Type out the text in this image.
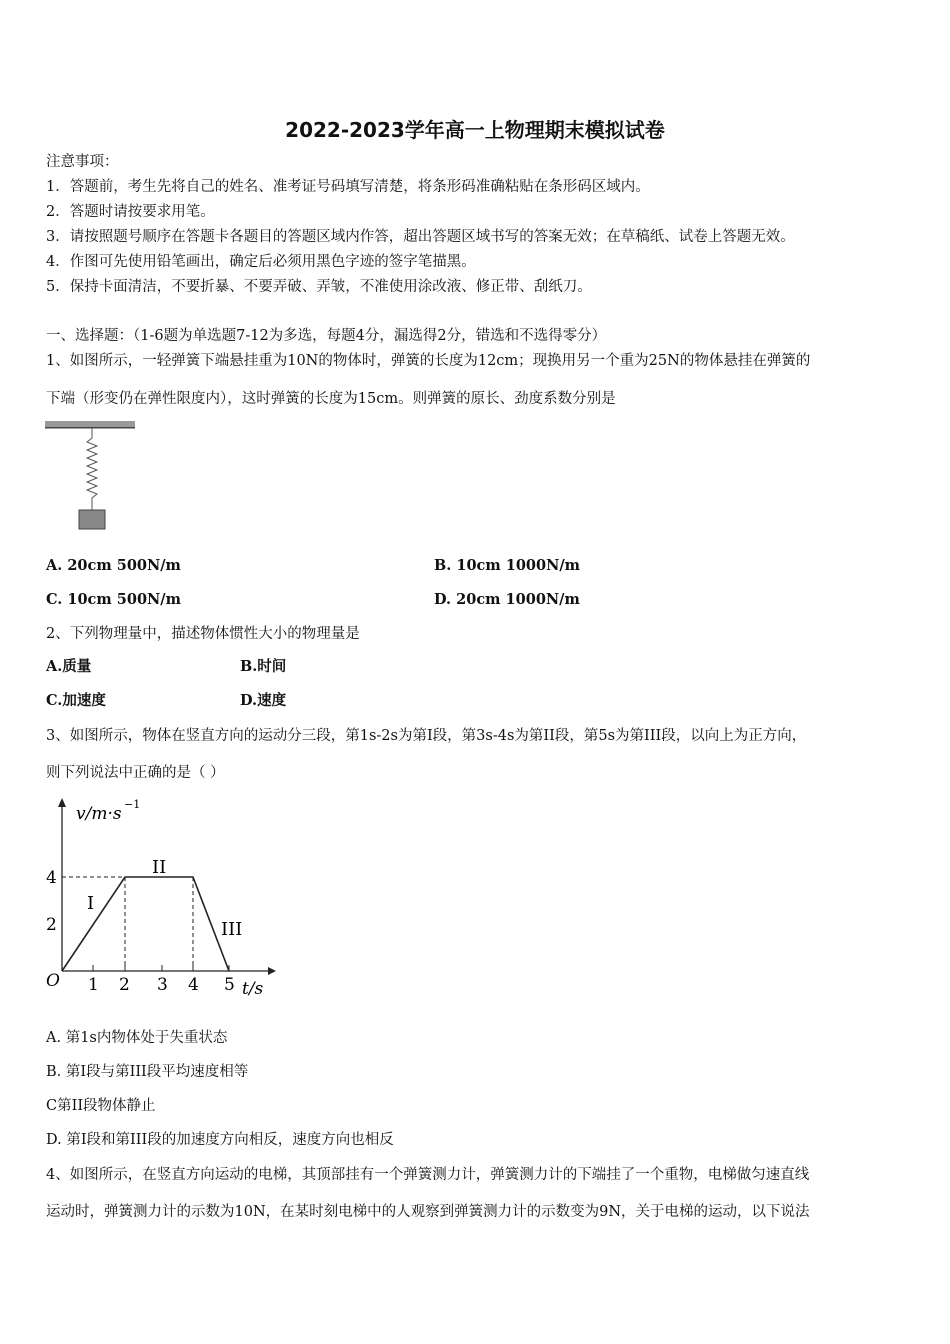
2022-2023学年高一上物理期末模拟试卷
注意事项：
1．答题前，考生先将自己的姓名、准考证号码填写清楚，将条形码准确粘贴在条形码区域内。
2．答题时请按要求用笔。
3．请按照题号顺序在答题卡各题目的答题区域内作答，超出答题区域书写的答案无效；在草稿纸、试卷上答题无效。
4．作图可先使用铅笔画出，确定后必须用黑色字迹的签字笔描黑。
5．保持卡面清洁，不要折暴、不要弄破、弄皱，不准使用涂改液、修正带、刮纸刀。
一、选择题：（1-6题为单选题7-12为多选，每题4分，漏选得2分，错选和不选得零分）
1、如图所示，一轻弹簧下端悬挂重为10N的物体时，弹簧的长度为12cm；现换用另一个重为25N的物体悬挂在弹簧的
下端（形变仍在弹性限度内），这时弹簧的长度为15cm。则弹簧的原长、劲度系数分别是
A. 20cm 500N/m	B. 10cm 1000N/m
C. 10cm 500N/m	D. 20cm 1000N/m
2、下列物理量中，描述物体惯性大小的物理量是
A.质量	B.时间
C.加速度	D.速度
3、如图所示，物体在竖直方向的运动分三段，第1s-2s为第I段，第3s-4s为第II段，第5s为第III段，以向上为正方向，
则下列说法中正确的是（ ）
v/m·s −1
t/s
O
2
4
1 2 3 4 5
I
II
III
A. 第1s内物体处于失重状态
B. 第I段与第III段平均速度相等
C第II段物体静止
D. 第I段和第III段的加速度方向相反，速度方向也相反
4、如图所示，在竖直方向运动的电梯，其顶部挂有一个弹簧测力计，弹簧测力计的下端挂了一个重物，电梯做匀速直线
运动时，弹簧测力计的示数为10N，在某时刻电梯中的人观察到弹簧测力计的示数变为9N，关于电梯的运动，以下说法
